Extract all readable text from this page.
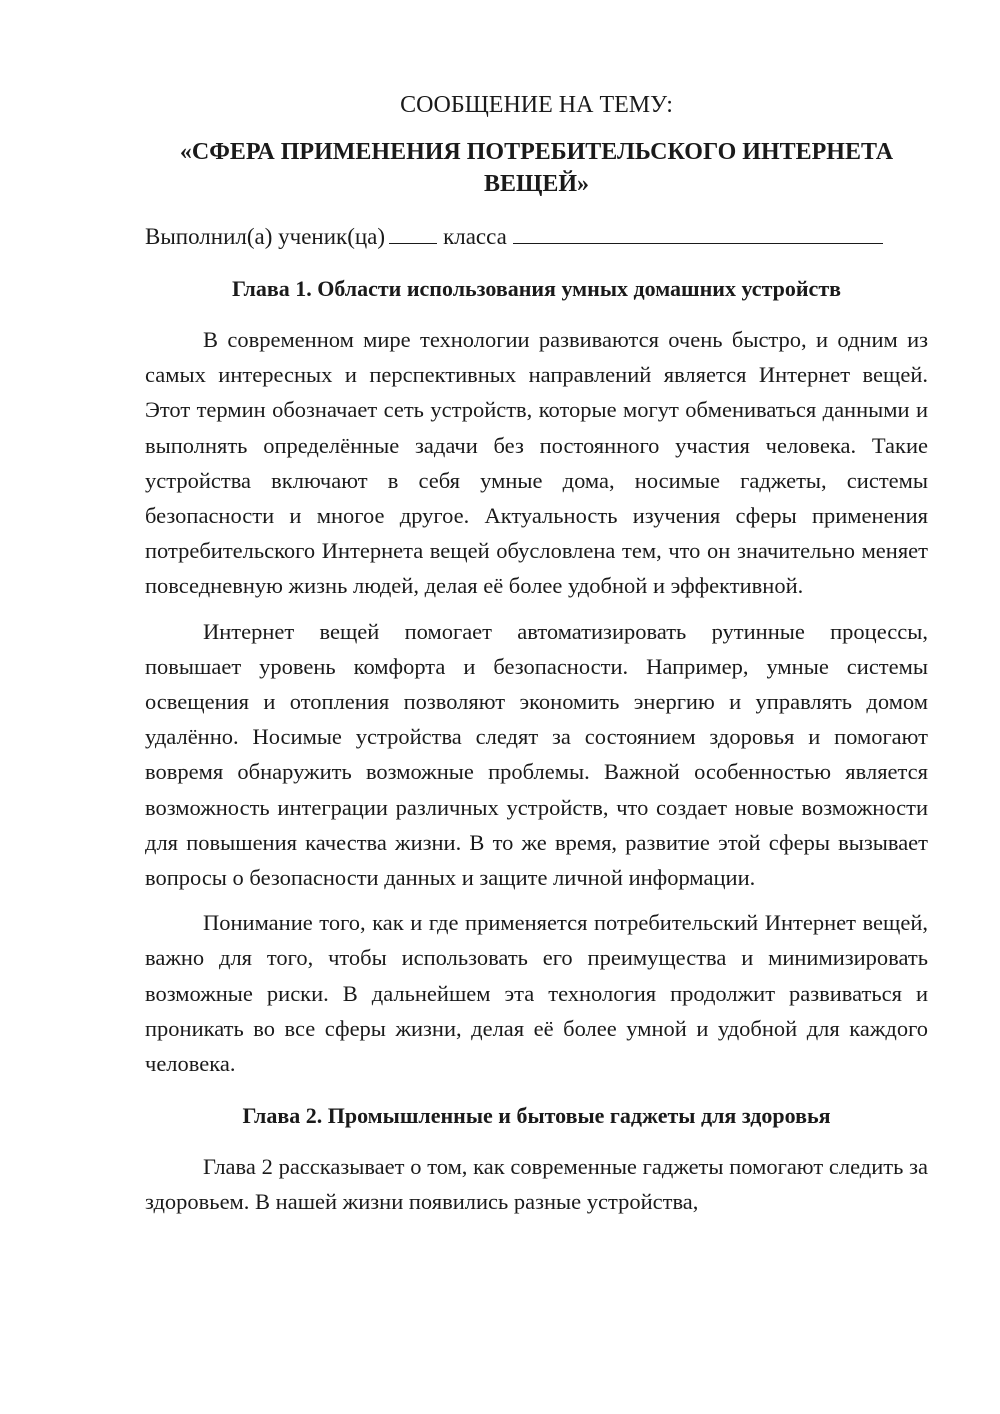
СООБЩЕНИЕ НА ТЕМУ:
«СФЕРА ПРИМЕНЕНИЯ ПОТРЕБИТЕЛЬСКОГО ИНТЕРНЕТА
ВЕЩЕЙ»
Выполнил(а) ученик(ца)	класса
Глава 1. Области использования умных домашних устройств

В современном мире технологии развиваются очень быстро, и одним из самых интересных и перспективных направлений является Интернет вещей. Этот термин обозначает сеть устройств, которые могут обмениваться данными и выполнять определённые задачи без постоянного участия человека. Такие устройства включают в себя умные дома, носимые гаджеты, системы безопасности и многое другое. Актуальность изучения сферы применения потребительского Интернета вещей обусловлена тем, что он значительно меняет повседневную жизнь людей, делая её более удобной и эффективной.

Интернет вещей помогает автоматизировать рутинные процессы, повышает уровень комфорта и безопасности. Например, умные системы освещения и отопления позволяют экономить энергию и управлять домом удалённо. Носимые устройства следят за состоянием здоровья и помогают вовремя обнаружить возможные проблемы. Важной особенностью является возможность интеграции различных устройств, что создает новые возможности для повышения качества жизни. В то же время, развитие этой сферы вызывает вопросы о безопасности данных и защите личной информации.

Понимание того, как и где применяется потребительский Интернет вещей, важно для того, чтобы использовать его преимущества и минимизировать возможные риски. В дальнейшем эта технология продолжит развиваться и проникать во все сферы жизни, делая её более умной и удобной для каждого человека.

Глава 2. Промышленные и бытовые гаджеты для здоровья

Глава 2 рассказывает о том, как современные гаджеты помогают следить за здоровьем. В нашей жизни появились разные устройства,
